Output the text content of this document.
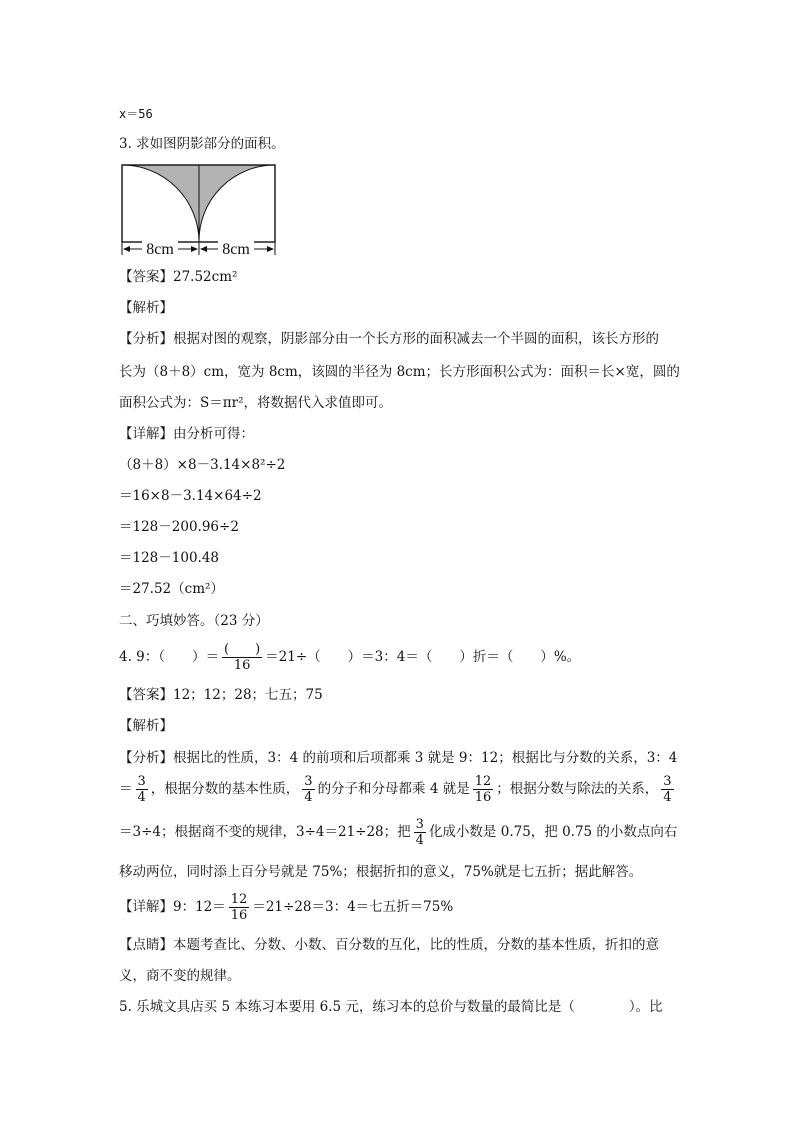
x＝56
3. 求如图阴影部分的面积。
8cm	8cm
【答案】27.52cm²
【解析】
【分析】根据对图的观察，阴影部分由一个长方形的面积减去一个半圆的面积，该长方形的
长为（8＋8）cm，宽为 8cm，该圆的半径为 8cm；长方形面积公式为：面积＝长×宽，圆的
面积公式为：S＝πr²，将数据代入求值即可。
【详解】由分析可得：
（8＋8）×8－3.14×8²÷2
＝16×8－3.14×64÷2
＝128－200.96÷2
＝128－100.48
＝27.52（cm²）
二、巧填妙答。（23 分）
4. 9：（　　）＝ $\frac{( )}{16} =21\div$（　　）＝3：4＝（　　）折＝（　　）%。
【答案】12；12；28；七五；75
【解析】
【分析】根据比的性质，3：4 的前项和后项都乘 3 就是 9：12；根据比与分数的关系，3：4
＝ $\frac{3}{4}$ ，根据分数的基本性质， $\frac{3}{4}$ 的分子和分母都乘 4 就是 $\frac{12}{16}$ ；根据分数与除法的关系， $\frac{3}{4}$
＝3÷4；根据商不变的规律，3÷4＝21÷28；把 $\frac{3}{4}$ 化成小数是 0.75，把 0.75 的小数点向右
移动两位，同时添上百分号就是 75%；根据折扣的意义，75%就是七五折；据此解答。
【详解】9：$12= \frac{12}{16} =21\div 28=3$：4＝七五折＝75%
【点睛】本题考查比、分数、小数、百分数的互化，比的性质，分数的基本性质，折扣的意
义，商不变的规律。
5. 乐城文具店买 5 本练习本要用 6.5 元，练习本的总价与数量的最简比是（　　　　）。比
